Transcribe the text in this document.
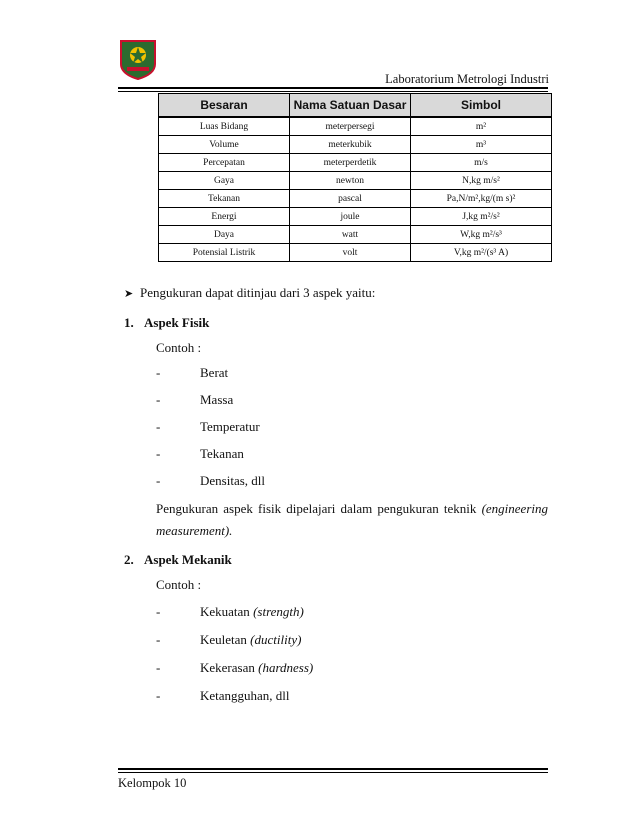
Laboratorium Metrologi Industri
Besaran	Nama Satuan Dasar	Simbol
Luas Bidang	meterpersegi	m²
Volume	meterkubik	m³
Percepatan	meterperdetik	m/s
Gaya	newton	N,kg m/s²
Tekanan	pascal	Pa,N/m²,kg/(m s)²
Energi	joule	J,kg m²/s²
Daya	watt	W,kg m²/s³
Potensial Listrik	volt	V,kg m²/(s³ A)
➤ Pengukuran dapat ditinjau dari 3 aspek yaitu:
1. Aspek Fisik
Contoh :
-	Berat
-	Massa
-	Temperatur
-	Tekanan
-	Densitas, dll
Pengukuran aspek fisik dipelajari dalam pengukuran teknik (engineering measurement).
2. Aspek Mekanik
Contoh :
-	Kekuatan (strength)
-	Keuletan (ductility)
-	Kekerasan (hardness)
-	Ketangguhan, dll
Kelompok 10
